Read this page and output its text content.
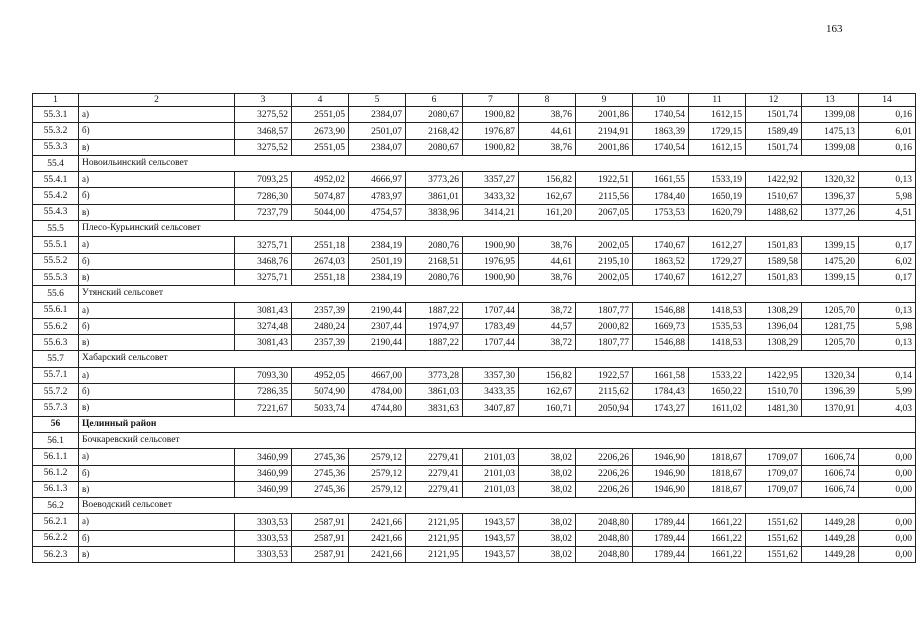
163
1	2	3	4	5	6	7	8	9	10	11	12	13	14
55.3.1	а)	3275,52	2551,05	2384,07	2080,67	1900,82	38,76	2001,86	1740,54	1612,15	1501,74	1399,08	0,16
55.3.2	б)	3468,57	2673,90	2501,07	2168,42	1976,87	44,61	2194,91	1863,39	1729,15	1589,49	1475,13	6,01
55.3.3	в)	3275,52	2551,05	2384,07	2080,67	1900,82	38,76	2001,86	1740,54	1612,15	1501,74	1399,08	0,16
55.4	Новоильинский сельсовет												
55.4.1	а)	7093,25	4952,02	4666,97	3773,26	3357,27	156,82	1922,51	1661,55	1533,19	1422,92	1320,32	0,13
55.4.2	б)	7286,30	5074,87	4783,97	3861,01	3433,32	162,67	2115,56	1784,40	1650,19	1510,67	1396,37	5,98
55.4.3	в)	7237,79	5044,00	4754,57	3838,96	3414,21	161,20	2067,05	1753,53	1620,79	1488,62	1377,26	4,51
55.5	Плесо-Курьинский сельсовет												
55.5.1	а)	3275,71	2551,18	2384,19	2080,76	1900,90	38,76	2002,05	1740,67	1612,27	1501,83	1399,15	0,17
55.5.2	б)	3468,76	2674,03	2501,19	2168,51	1976,95	44,61	2195,10	1863,52	1729,27	1589,58	1475,20	6,02
55.5.3	в)	3275,71	2551,18	2384,19	2080,76	1900,90	38,76	2002,05	1740,67	1612,27	1501,83	1399,15	0,17
55.6	Утянский сельсовет												
55.6.1	а)	3081,43	2357,39	2190,44	1887,22	1707,44	38,72	1807,77	1546,88	1418,53	1308,29	1205,70	0,13
55.6.2	б)	3274,48	2480,24	2307,44	1974,97	1783,49	44,57	2000,82	1669,73	1535,53	1396,04	1281,75	5,98
55.6.3	в)	3081,43	2357,39	2190,44	1887,22	1707,44	38,72	1807,77	1546,88	1418,53	1308,29	1205,70	0,13
55.7	Хабарский сельсовет												
55.7.1	а)	7093,30	4952,05	4667,00	3773,28	3357,30	156,82	1922,57	1661,58	1533,22	1422,95	1320,34	0,14
55.7.2	б)	7286,35	5074,90	4784,00	3861,03	3433,35	162,67	2115,62	1784,43	1650,22	1510,70	1396,39	5,99
55.7.3	в)	7221,67	5033,74	4744,80	3831,63	3407,87	160,71	2050,94	1743,27	1611,02	1481,30	1370,91	4,03
56	Целинный район												
56.1	Бочкаревский сельсовет												
56.1.1	а)	3460,99	2745,36	2579,12	2279,41	2101,03	38,02	2206,26	1946,90	1818,67	1709,07	1606,74	0,00
56.1.2	б)	3460,99	2745,36	2579,12	2279,41	2101,03	38,02	2206,26	1946,90	1818,67	1709,07	1606,74	0,00
56.1.3	в)	3460,99	2745,36	2579,12	2279,41	2101,03	38,02	2206,26	1946,90	1818,67	1709,07	1606,74	0,00
56.2	Воеводский сельсовет												
56.2.1	а)	3303,53	2587,91	2421,66	2121,95	1943,57	38,02	2048,80	1789,44	1661,22	1551,62	1449,28	0,00
56.2.2	б)	3303,53	2587,91	2421,66	2121,95	1943,57	38,02	2048,80	1789,44	1661,22	1551,62	1449,28	0,00
56.2.3	в)	3303,53	2587,91	2421,66	2121,95	1943,57	38,02	2048,80	1789,44	1661,22	1551,62	1449,28	0,00
